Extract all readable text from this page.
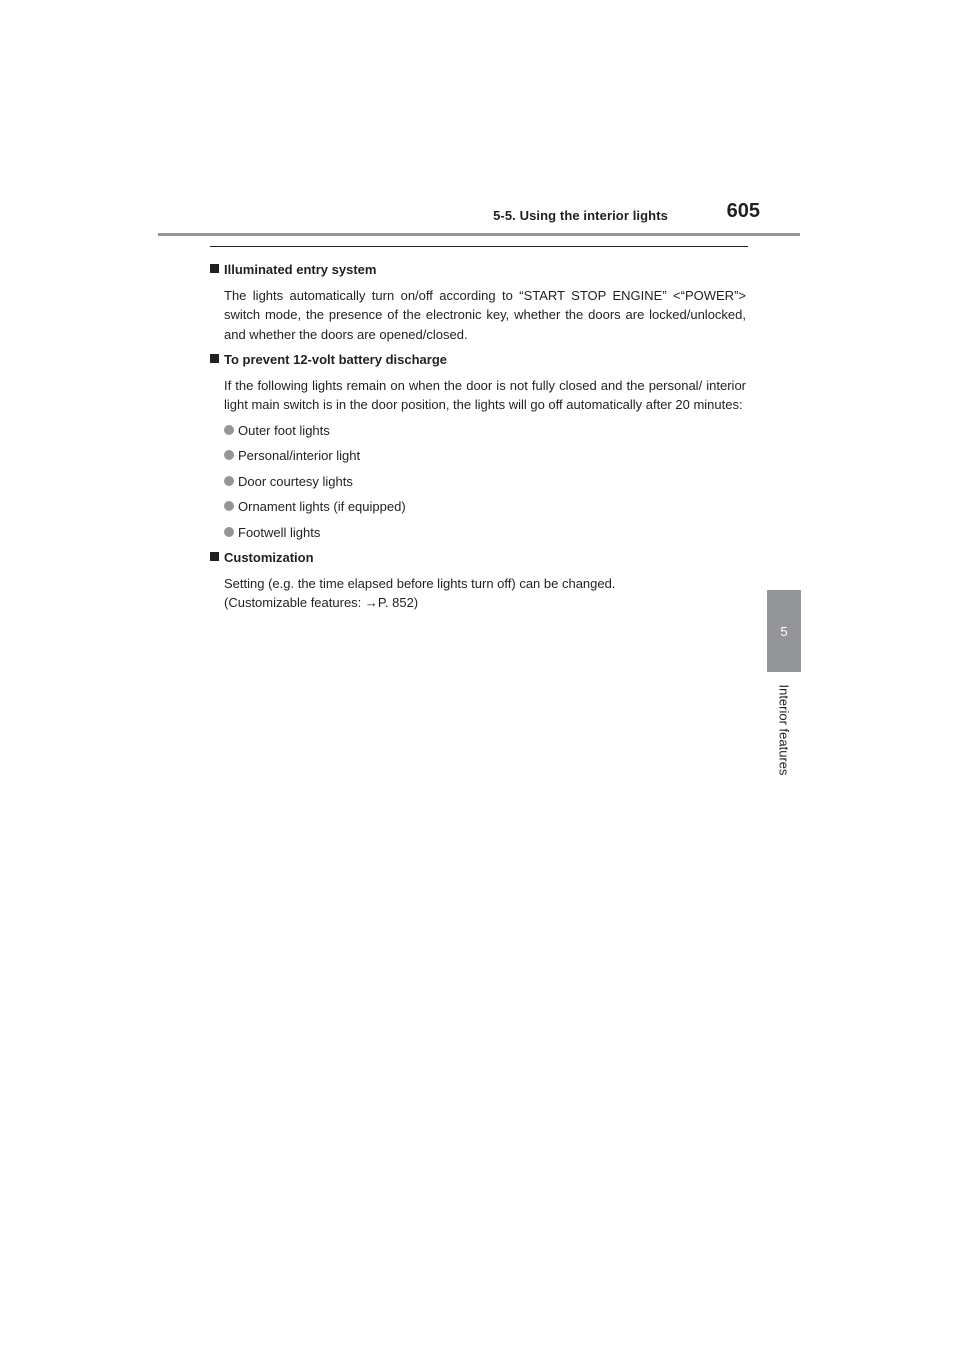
5-5. Using the interior lights	605
5
Interior features
Illuminated entry system
The lights automatically turn on/off according to “START STOP ENGINE” <“POWER”> switch mode, the presence of the electronic key, whether the doors are locked/unlocked, and whether the doors are opened/closed.
To prevent 12-volt battery discharge
If the following lights remain on when the door is not fully closed and the personal/ interior light main switch is in the door position, the lights will go off automatically after 20 minutes:
Outer foot lights
Personal/interior light
Door courtesy lights
Ornament lights (if equipped)
Footwell lights
Customization
Setting (e.g. the time elapsed before lights turn off) can be changed.
(Customizable features: →P. 852)
